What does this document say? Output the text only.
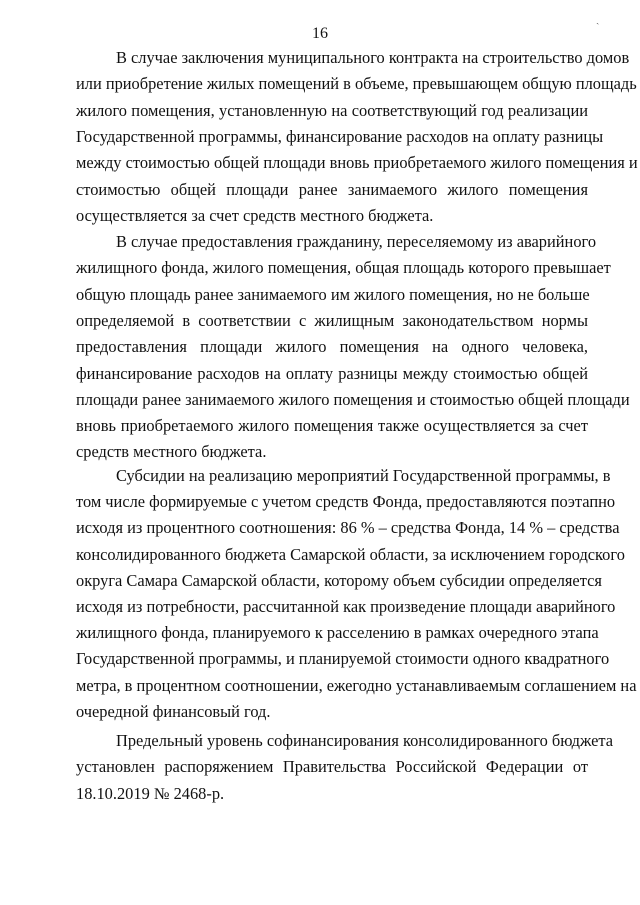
16
В случае заключения муниципального контракта на строительство домов
или приобретение жилых помещений в объеме, превышающем общую площадь
жилого помещения, установленную на соответствующий год реализации
Государственной программы, финансирование расходов на оплату разницы
между стоимостью общей площади вновь приобретаемого жилого помещения и
стоимостью общей площади ранее занимаемого жилого помещения
осуществляется за счет средств местного бюджета.
В случае предоставления гражданину, переселяемому из аварийного
жилищного фонда, жилого помещения, общая площадь которого превышает
общую площадь ранее занимаемого им жилого помещения, но не больше
определяемой в соответствии с жилищным законодательством нормы
предоставления площади жилого помещения на одного человека,
финансирование расходов на оплату разницы между стоимостью общей
площади ранее занимаемого жилого помещения и стоимостью общей площади
вновь приобретаемого жилого помещения также осуществляется за счет
средств местного бюджета.
Субсидии на реализацию мероприятий Государственной программы, в
том числе формируемые с учетом средств Фонда, предоставляются поэтапно
исходя из процентного соотношения: 86 % – средства Фонда, 14 % – средства
консолидированного бюджета Самарской области, за исключением городского
округа Самара Самарской области, которому объем субсидии определяется
исходя из потребности, рассчитанной как произведение площади аварийного
жилищного фонда, планируемого к расселению в рамках очередного этапа
Государственной программы, и планируемой стоимости одного квадратного
метра, в процентном соотношении, ежегодно устанавливаемым соглашением на
очередной финансовый год.
Предельный уровень софинансирования консолидированного бюджета
установлен распоряжением Правительства Российской Федерации от
18.10.2019 № 2468-р.
ˏ
